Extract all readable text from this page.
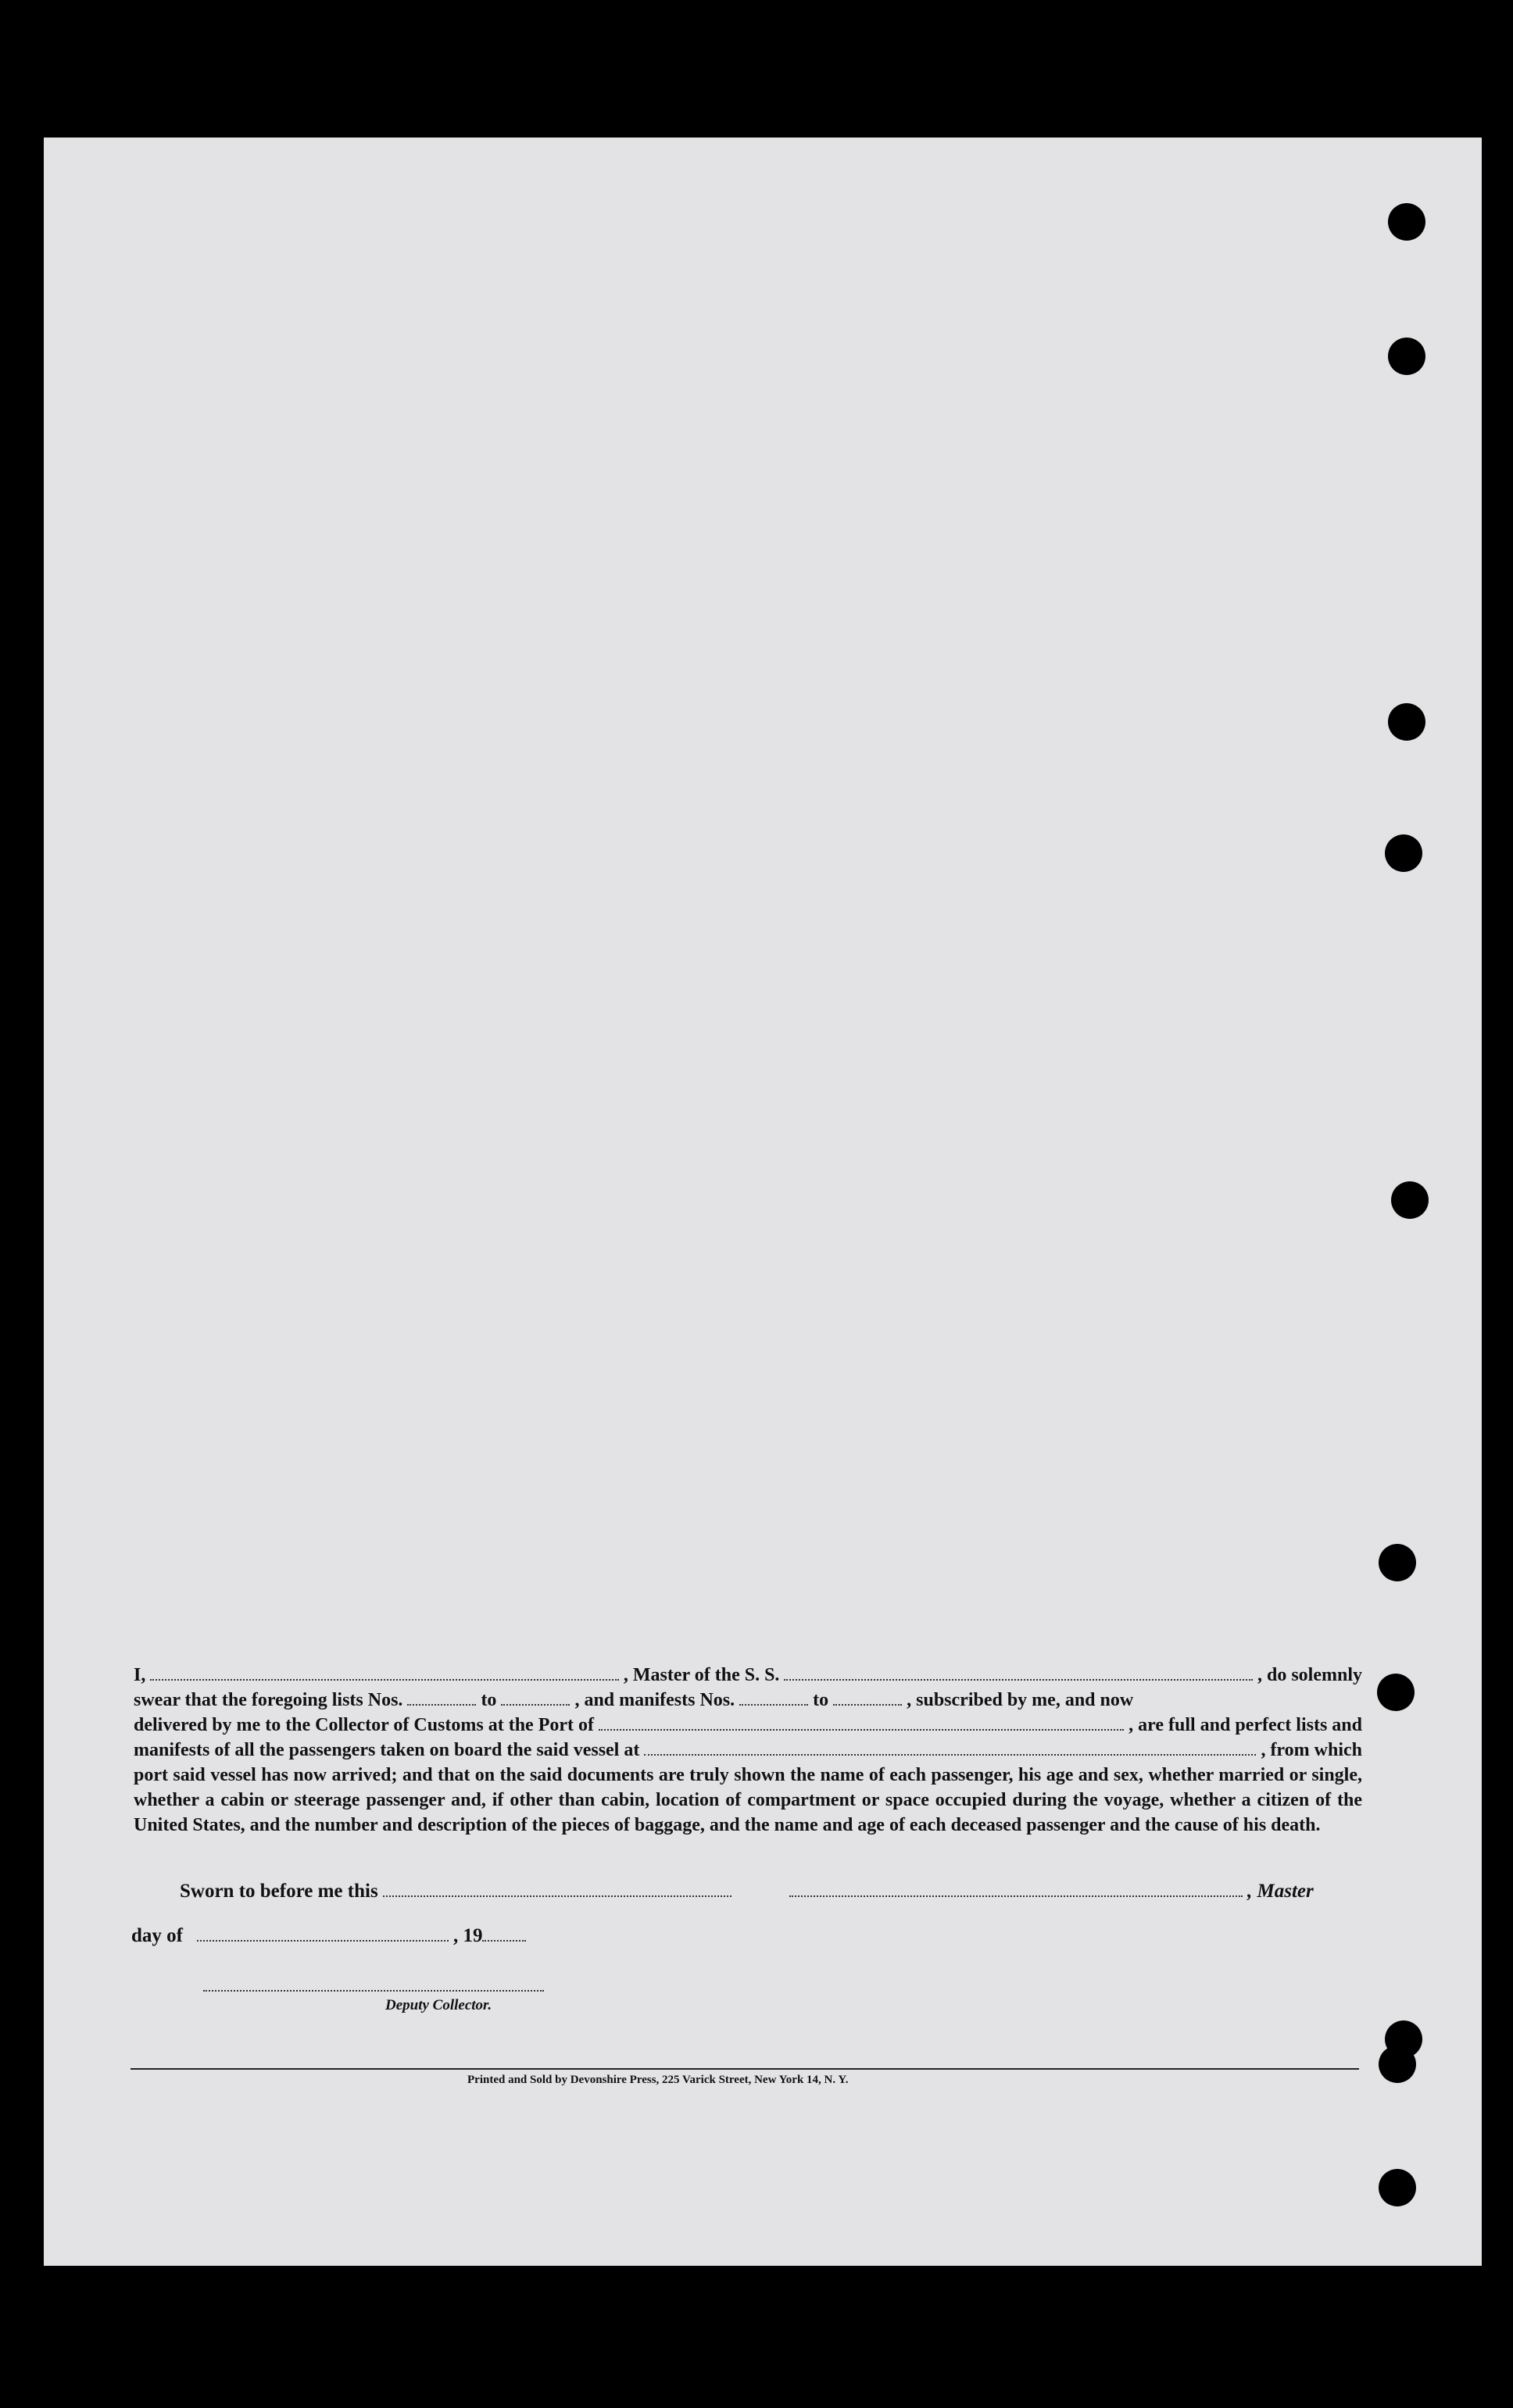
I,	, Master of the S. S.	, do solemnly
swear that the foregoing lists Nos.	to	, and manifests Nos.	to	, subscribed by me, and now
delivered by me to the Collector of Customs at the Port of	, are full and perfect lists and
manifests of all the passengers taken on board the said vessel at	, from which
port said vessel has now arrived; and that on the said documents are truly shown the name of each passenger, his age and sex, whether married or single, whether a cabin or steerage passenger and, if other than cabin, location of compartment or space occupied during the voyage, whether a citizen of the United States, and the number and description of the pieces of baggage, and the name and age of each deceased passenger and the cause of his death.
Sworn to before me this	, Master
day of	, 19
Deputy Collector.
Printed and Sold by Devonshire Press, 225 Varick Street, New York 14, N. Y.
